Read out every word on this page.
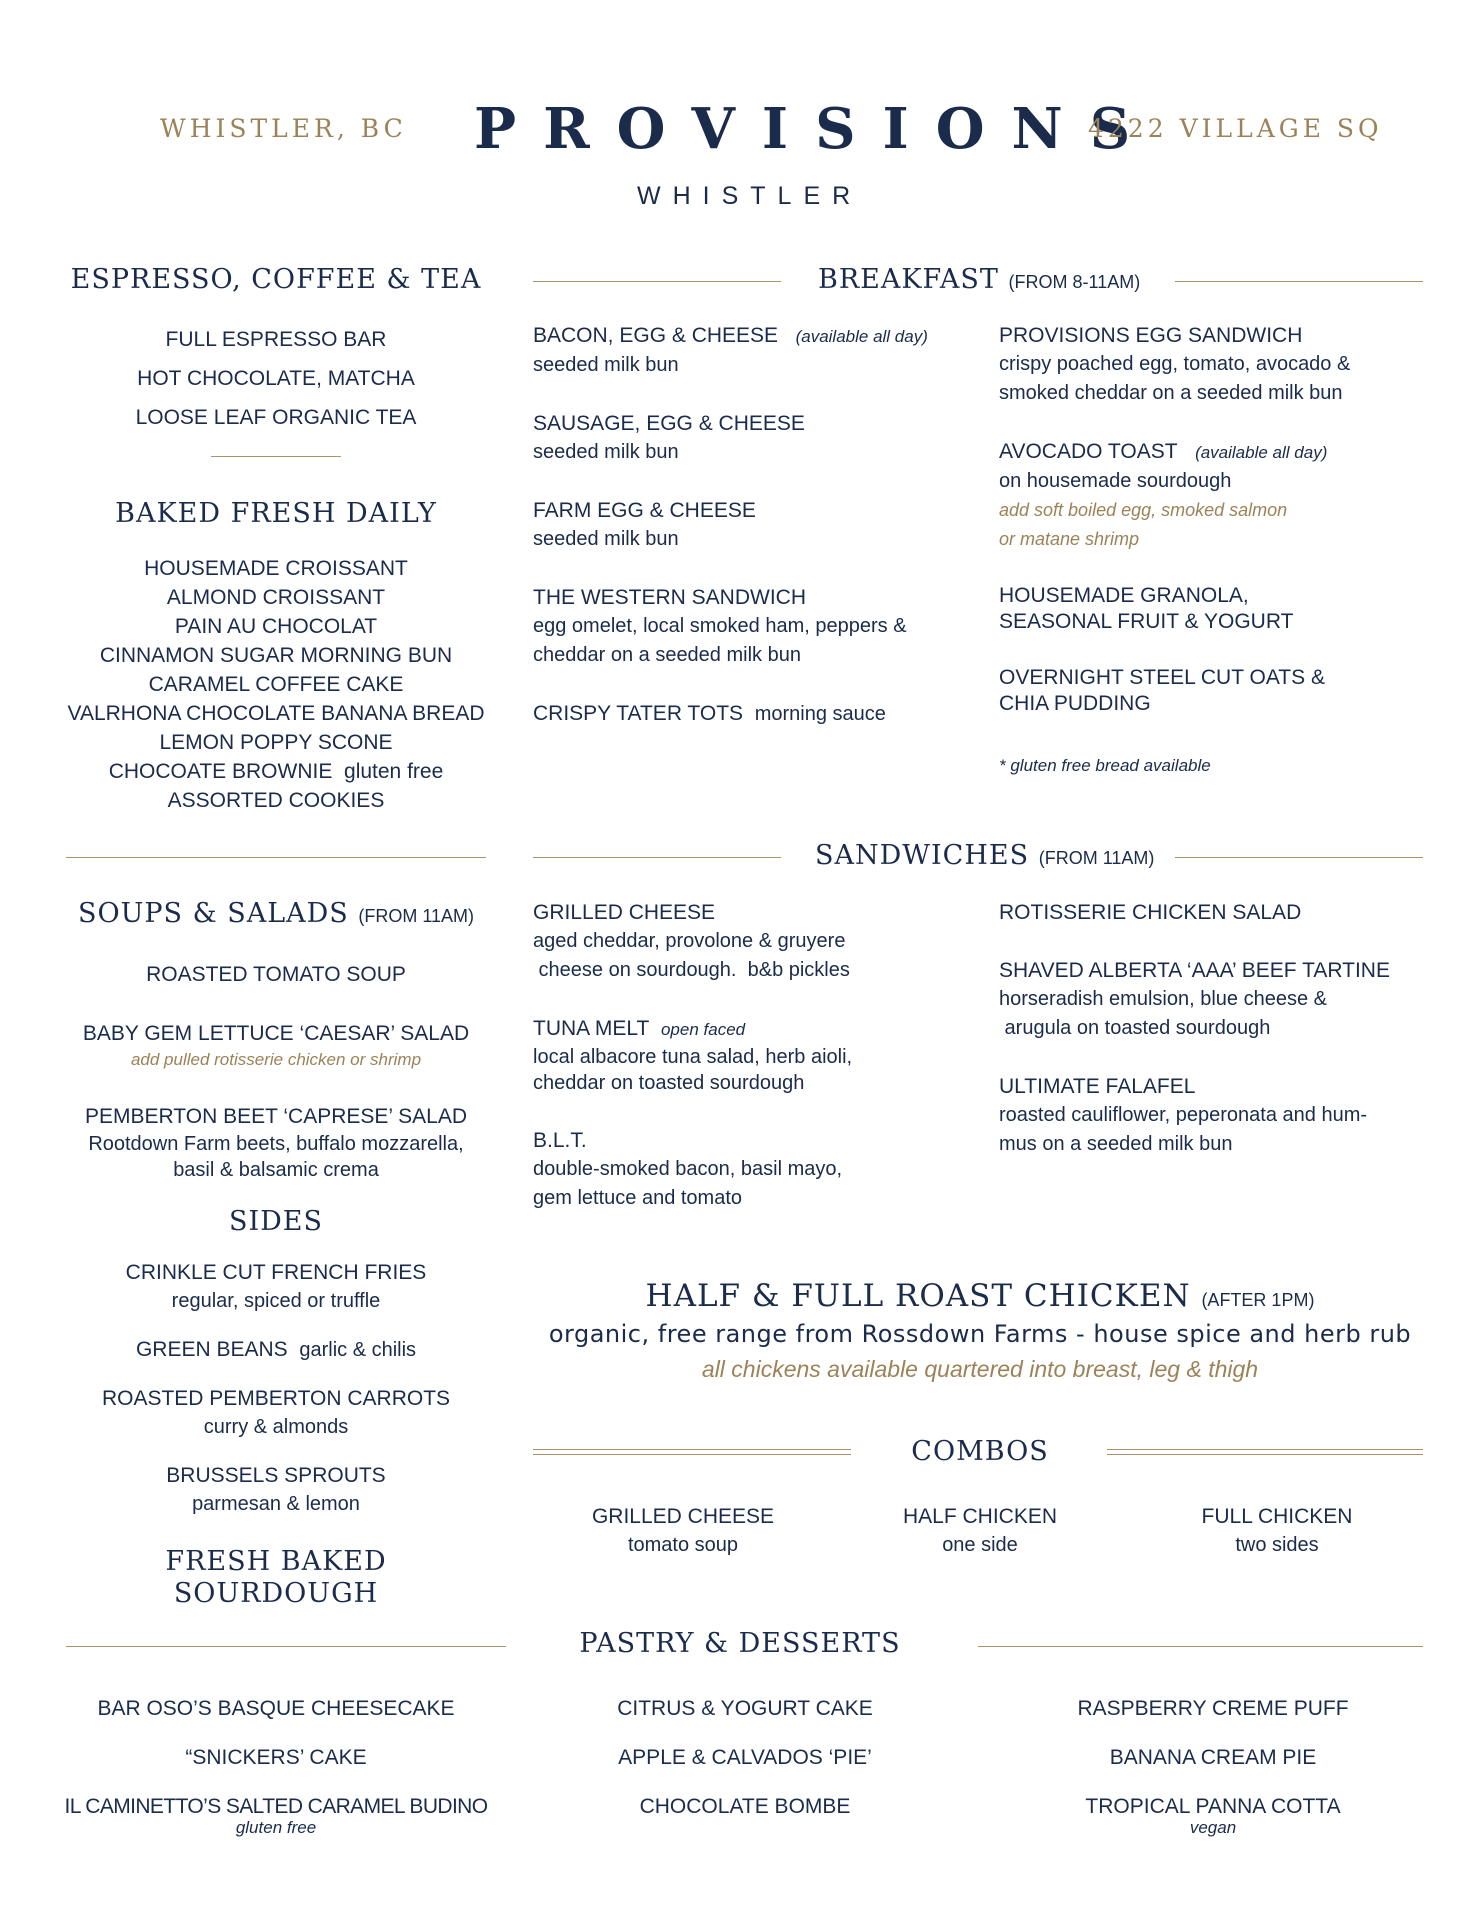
WHISTLER, BC PROVISIONS
WHISTLER
4222 VILLAGE SQ
ESPRESSO, COFFEE & TEA
FULL ESPRESSO BAR
HOT CHOCOLATE, MATCHA
LOOSE LEAF ORGANIC TEA
BAKED FRESH DAILY
HOUSEMADE CROISSANT
ALMOND CROISSANT
PAIN AU CHOCOLAT
CINNAMON SUGAR MORNING BUN
CARAMEL COFFEE CAKE
VALRHONA CHOCOLATE BANANA BREAD
LEMON POPPY SCONE
CHOCOATE BROWNIE gluten free
ASSORTED COOKIES
BREAKFAST (FROM 8-11AM)
BACON, EGG & CHEESE (available all day)
seeded milk bun
SAUSAGE, EGG & CHEESE
seeded milk bun
FARM EGG & CHEESE
seeded milk bun
THE WESTERN SANDWICH
egg omelet, local smoked ham, peppers &
cheddar on a seeded milk bun
CRISPY TATER TOTS morning sauce
PROVISIONS EGG SANDWICH
crispy poached egg, tomato, avocado &
smoked cheddar on a seeded milk bun
AVOCADO TOAST (available all day)
on housemade sourdough
add soft boiled egg, smoked salmon
or matane shrimp
HOUSEMADE GRANOLA,
SEASONAL FRUIT & YOGURT
OVERNIGHT STEEL CUT OATS &
CHIA PUDDING
* gluten free bread available
SANDWICHES (FROM 11AM)
SOUPS & SALADS (FROM 11AM)
ROASTED TOMATO SOUP
BABY GEM LETTUCE ‘CAESAR’ SALAD
add pulled rotisserie chicken or shrimp
PEMBERTON BEET ‘CAPRESE’ SALAD
Rootdown Farm beets, buffalo mozzarella,
basil & balsamic crema
SIDES
CRINKLE CUT FRENCH FRIES
regular, spiced or truffle
GREEN BEANS garlic & chilis
ROASTED PEMBERTON CARROTS
curry & almonds
BRUSSELS SPROUTS
parmesan & lemon
FRESH BAKED
SOURDOUGH
GRILLED CHEESE
aged cheddar, provolone & gruyere
cheese on sourdough.  b&b pickles
TUNA MELT open faced
local albacore tuna salad, herb aioli,
cheddar on toasted sourdough
B.L.T.
double-smoked bacon, basil mayo,
gem lettuce and tomato
ROTISSERIE CHICKEN SALAD
SHAVED ALBERTA ‘AAA’ BEEF TARTINE
horseradish emulsion, blue cheese &
arugula on toasted sourdough
ULTIMATE FALAFEL
roasted cauliflower, peperonata and hum-
mus on a seeded milk bun
HALF & FULL ROAST CHICKEN (AFTER 1PM)
organic, free range from Rossdown Farms - house spice and herb rub
all chickens available quartered into breast, leg & thigh
COMBOS
GRILLED CHEESE
tomato soup
HALF CHICKEN
one side
FULL CHICKEN
two sides
PASTRY & DESSERTS
BAR OSO’S BASQUE CHEESECAKE
“SNICKERS’ CAKE
IL CAMINETTO’S SALTED CARAMEL BUDINO
gluten free
CITRUS & YOGURT CAKE
APPLE & CALVADOS ‘PIE’
CHOCOLATE BOMBE
RASPBERRY CREME PUFF
BANANA CREAM PIE
TROPICAL PANNA COTTA
vegan
